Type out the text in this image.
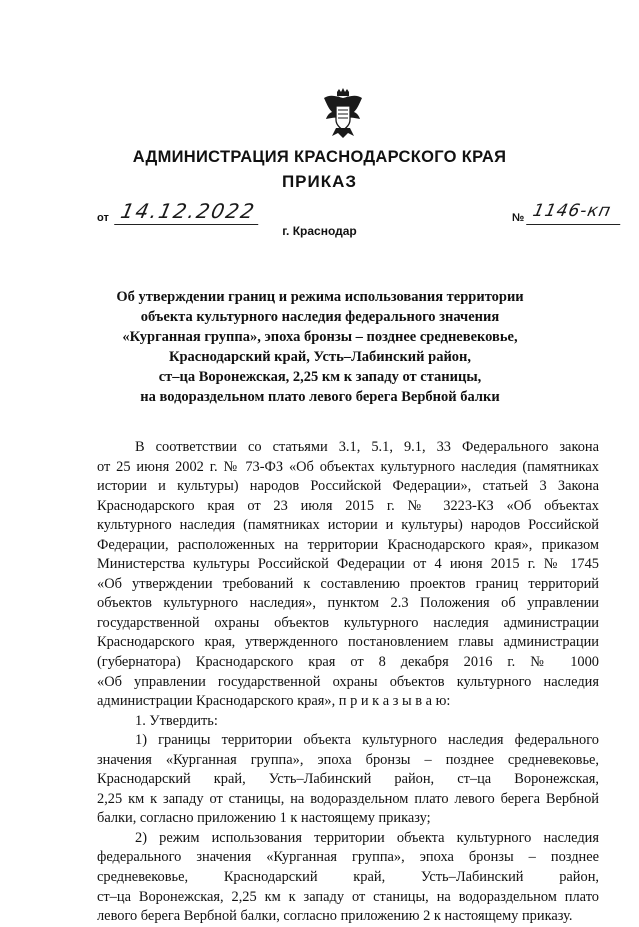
АДМИНИСТРАЦИЯ КРАСНОДАРСКОГО КРАЯ
ПРИКАЗ
от 14.12.2022	№ 1146-кп
г. Краснодар
Об утверждении границ и режима использования территории
объекта культурного наследия федерального значения
«Курганная группа», эпоха бронзы – позднее средневековье,
Краснодарский край, Усть–Лабинский район,
ст–ца Воронежская, 2,25 км к западу от станицы,
на водораздельном плато левого берега Вербной балки

В соответствии со статьями 3.1, 5.1, 9.1, 33 Федерального закона
от 25 июня 2002 г. № 73-ФЗ «Об объектах культурного наследия (памятниках
истории и культуры) народов Российской Федерации», статьей 3 Закона
Краснодарского края от 23 июля 2015 г. № 3223-КЗ «Об объектах
культурного наследия (памятниках истории и культуры) народов Российской
Федерации, расположенных на территории Краснодарского края», приказом
Министерства культуры Российской Федерации от 4 июня 2015 г. № 1745
«Об утверждении требований к составлению проектов границ территорий
объектов культурного наследия», пунктом 2.3 Положения об управлении
государственной охраны объектов культурного наследия администрации
Краснодарского края, утвержденного постановлением главы администрации
(губернатора) Краснодарского края от 8 декабря 2016 г. № 1000
«Об управлении государственной охраны объектов культурного наследия
администрации Краснодарского края», п р и к а з ы в а ю:

1. Утвердить:

1) границы территории объекта культурного наследия федерального
значения «Курганная группа», эпоха бронзы – позднее средневековье,
Краснодарский край, Усть–Лабинский район, ст–ца Воронежская,
2,25 км к западу от станицы, на водораздельном плато левого берега Вербной
балки, согласно приложению 1 к настоящему приказу;

2) режим использования территории объекта культурного наследия
федерального значения «Курганная группа», эпоха бронзы – позднее
средневековье, Краснодарский край, Усть–Лабинский район,
ст–ца Воронежская, 2,25 км к западу от станицы, на водораздельном плато
левого берега Вербной балки, согласно приложению 2 к настоящему приказу.
